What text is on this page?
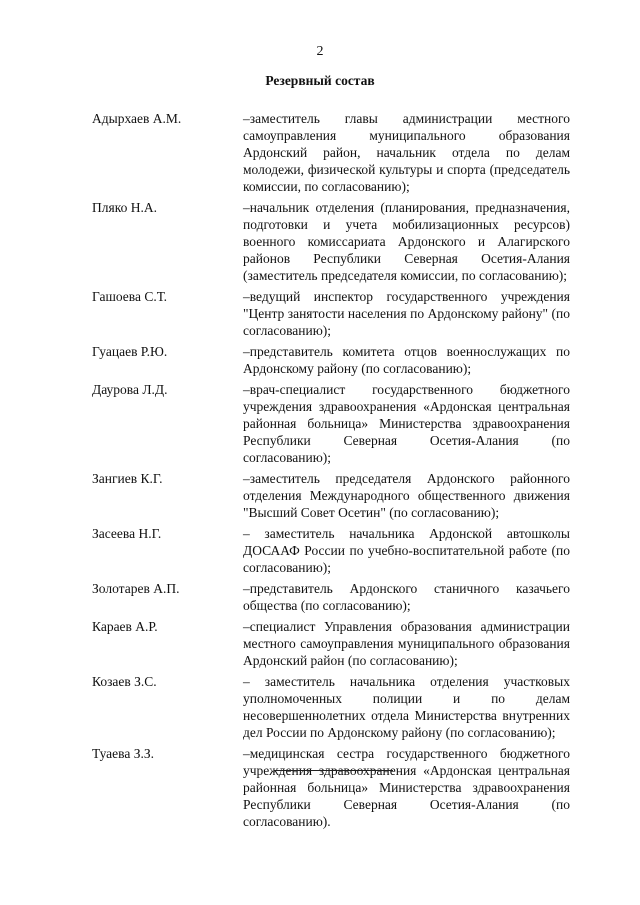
2
Резервный состав
Адырхаев А.М.	–заместитель главы администрации местного самоуправления муниципального образования Ардонский район, начальник отдела по делам молодежи, физической культуры и спорта (председатель комиссии, по согласованию);
Пляко Н.А.	–начальник отделения (планирования, предназначения, подготовки и учета мобилизационных ресурсов) военного комиссариата Ардонского и Алагирского районов Республики Северная Осетия-Алания (заместитель председателя комиссии, по согласованию);
Гашоева С.Т.	–ведущий инспектор государственного учреждения "Центр занятости населения по Ардонскому району" (по согласованию);
Гуацаев Р.Ю.	–представитель комитета отцов военнослужащих по Ардонскому району (по согласованию);
Даурова Л.Д.	–врач-специалист государственного бюджетного учреждения здравоохранения «Ардонская центральная районная больница» Министерства здравоохранения Республики Северная Осетия-Алания (по согласованию);
Зангиев К.Г.	–заместитель председателя Ардонского районного отделения Международного общественного движения "Высший Совет Осетин" (по согласованию);
Засеева Н.Г.	– заместитель начальника Ардонской автошколы ДОСААФ России по учебно-воспитательной работе (по согласованию);
Золотарев А.П.	–представитель Ардонского станичного казачьего общества (по согласованию);
Караев А.Р.	–специалист Управления образования администрации местного самоуправления муниципального образования Ардонский район (по согласованию);
Козаев З.С.	– заместитель начальника отделения участковых уполномоченных полиции и по делам несовершеннолетних отдела Министерства внутренних дел России по Ардонскому району (по согласованию);
Туаева З.З.	–медицинская сестра государственного бюджетного учреждения здравоохранения «Ардонская центральная районная больница» Министерства здравоохранения Республики Северная Осетия-Алания (по согласованию).
